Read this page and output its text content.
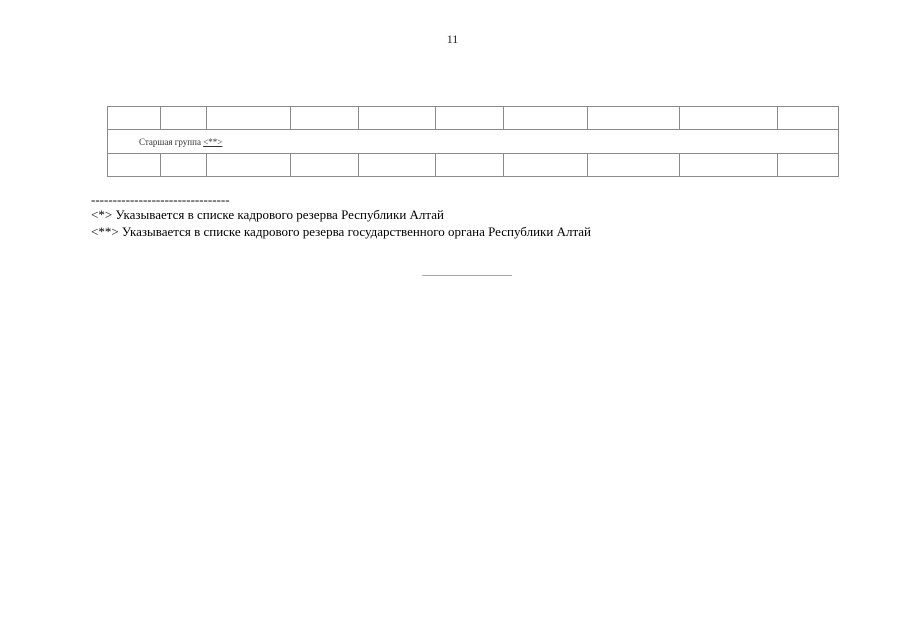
11

Старшая группа <**>									

--------------------------------
<*> Указывается в списке кадрового резерва Республики Алтай
<**> Указывается в списке кадрового резерва государственного органа Республики Алтай
